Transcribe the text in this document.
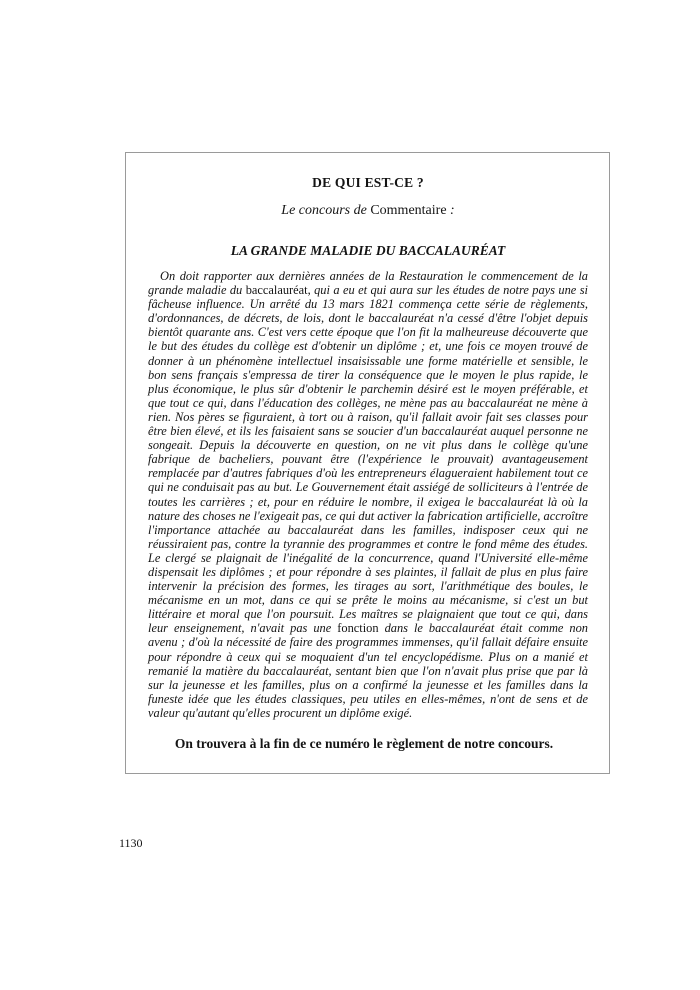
DE QUI EST-CE ?

Le concours de Commentaire :

LA GRANDE MALADIE DU BACCALAURÉAT

On doit rapporter aux dernières années de la Restauration le commencement de la grande maladie du baccalauréat, qui a eu et qui aura sur les études de notre pays une si fâcheuse influence. Un arrêté du 13 mars 1821 commença cette série de règlements, d'ordonnances, de décrets, de lois, dont le baccalauréat n'a cessé d'être l'objet depuis bientôt quarante ans. C'est vers cette époque que l'on fit la malheureuse découverte que le but des études du collège est d'obtenir un diplôme ; et, une fois ce moyen trouvé de donner à un phénomène intellectuel insaisissable une forme matérielle et sensible, le bon sens français s'empressa de tirer la conséquence que le moyen le plus rapide, le plus économique, le plus sûr d'obtenir le parchemin désiré est le moyen préférable, et que tout ce qui, dans l'éducation des collèges, ne mène pas au baccalauréat ne mène à rien. Nos pères se figuraient, à tort ou à raison, qu'il fallait avoir fait ses classes pour être bien élevé, et ils les faisaient sans se soucier d'un baccalauréat auquel personne ne songeait. Depuis la découverte en question, on ne vit plus dans le collège qu'une fabrique de bacheliers, pouvant être (l'expérience le prouvait) avantageusement remplacée par d'autres fabriques d'où les entrepreneurs élagueraient habilement tout ce qui ne conduisait pas au but. Le Gouvernement était assiégé de solliciteurs à l'entrée de toutes les carrières ; et, pour en réduire le nombre, il exigea le baccalauréat là où la nature des choses ne l'exigeait pas, ce qui dut activer la fabrication artificielle, accroître l'importance attachée au baccalauréat dans les familles, indisposer ceux qui ne réussiraient pas, contre la tyrannie des programmes et contre le fond même des études. Le clergé se plaignait de l'inégalité de la concurrence, quand l'Université elle-même dispensait les diplômes ; et pour répondre à ses plaintes, il fallait de plus en plus faire intervenir la précision des formes, les tirages au sort, l'arithmétique des boules, le mécanisme en un mot, dans ce qui se prête le moins au mécanisme, si c'est un but littéraire et moral que l'on poursuit. Les maîtres se plaignaient que tout ce qui, dans leur enseignement, n'avait pas une fonction dans le baccalauréat était comme non avenu ; d'où la nécessité de faire des programmes immenses, qu'il fallait défaire ensuite pour répondre à ceux qui se moquaient d'un tel encyclopédisme. Plus on a manié et remanié la matière du baccalauréat, sentant bien que l'on n'avait plus prise que par là sur la jeunesse et les familles, plus on a confirmé la jeunesse et les familles dans la funeste idée que les études classiques, peu utiles en elles-mêmes, n'ont de sens et de valeur qu'autant qu'elles procurent un diplôme exigé.

On trouvera à la fin de ce numéro le règlement de notre concours.

1130
